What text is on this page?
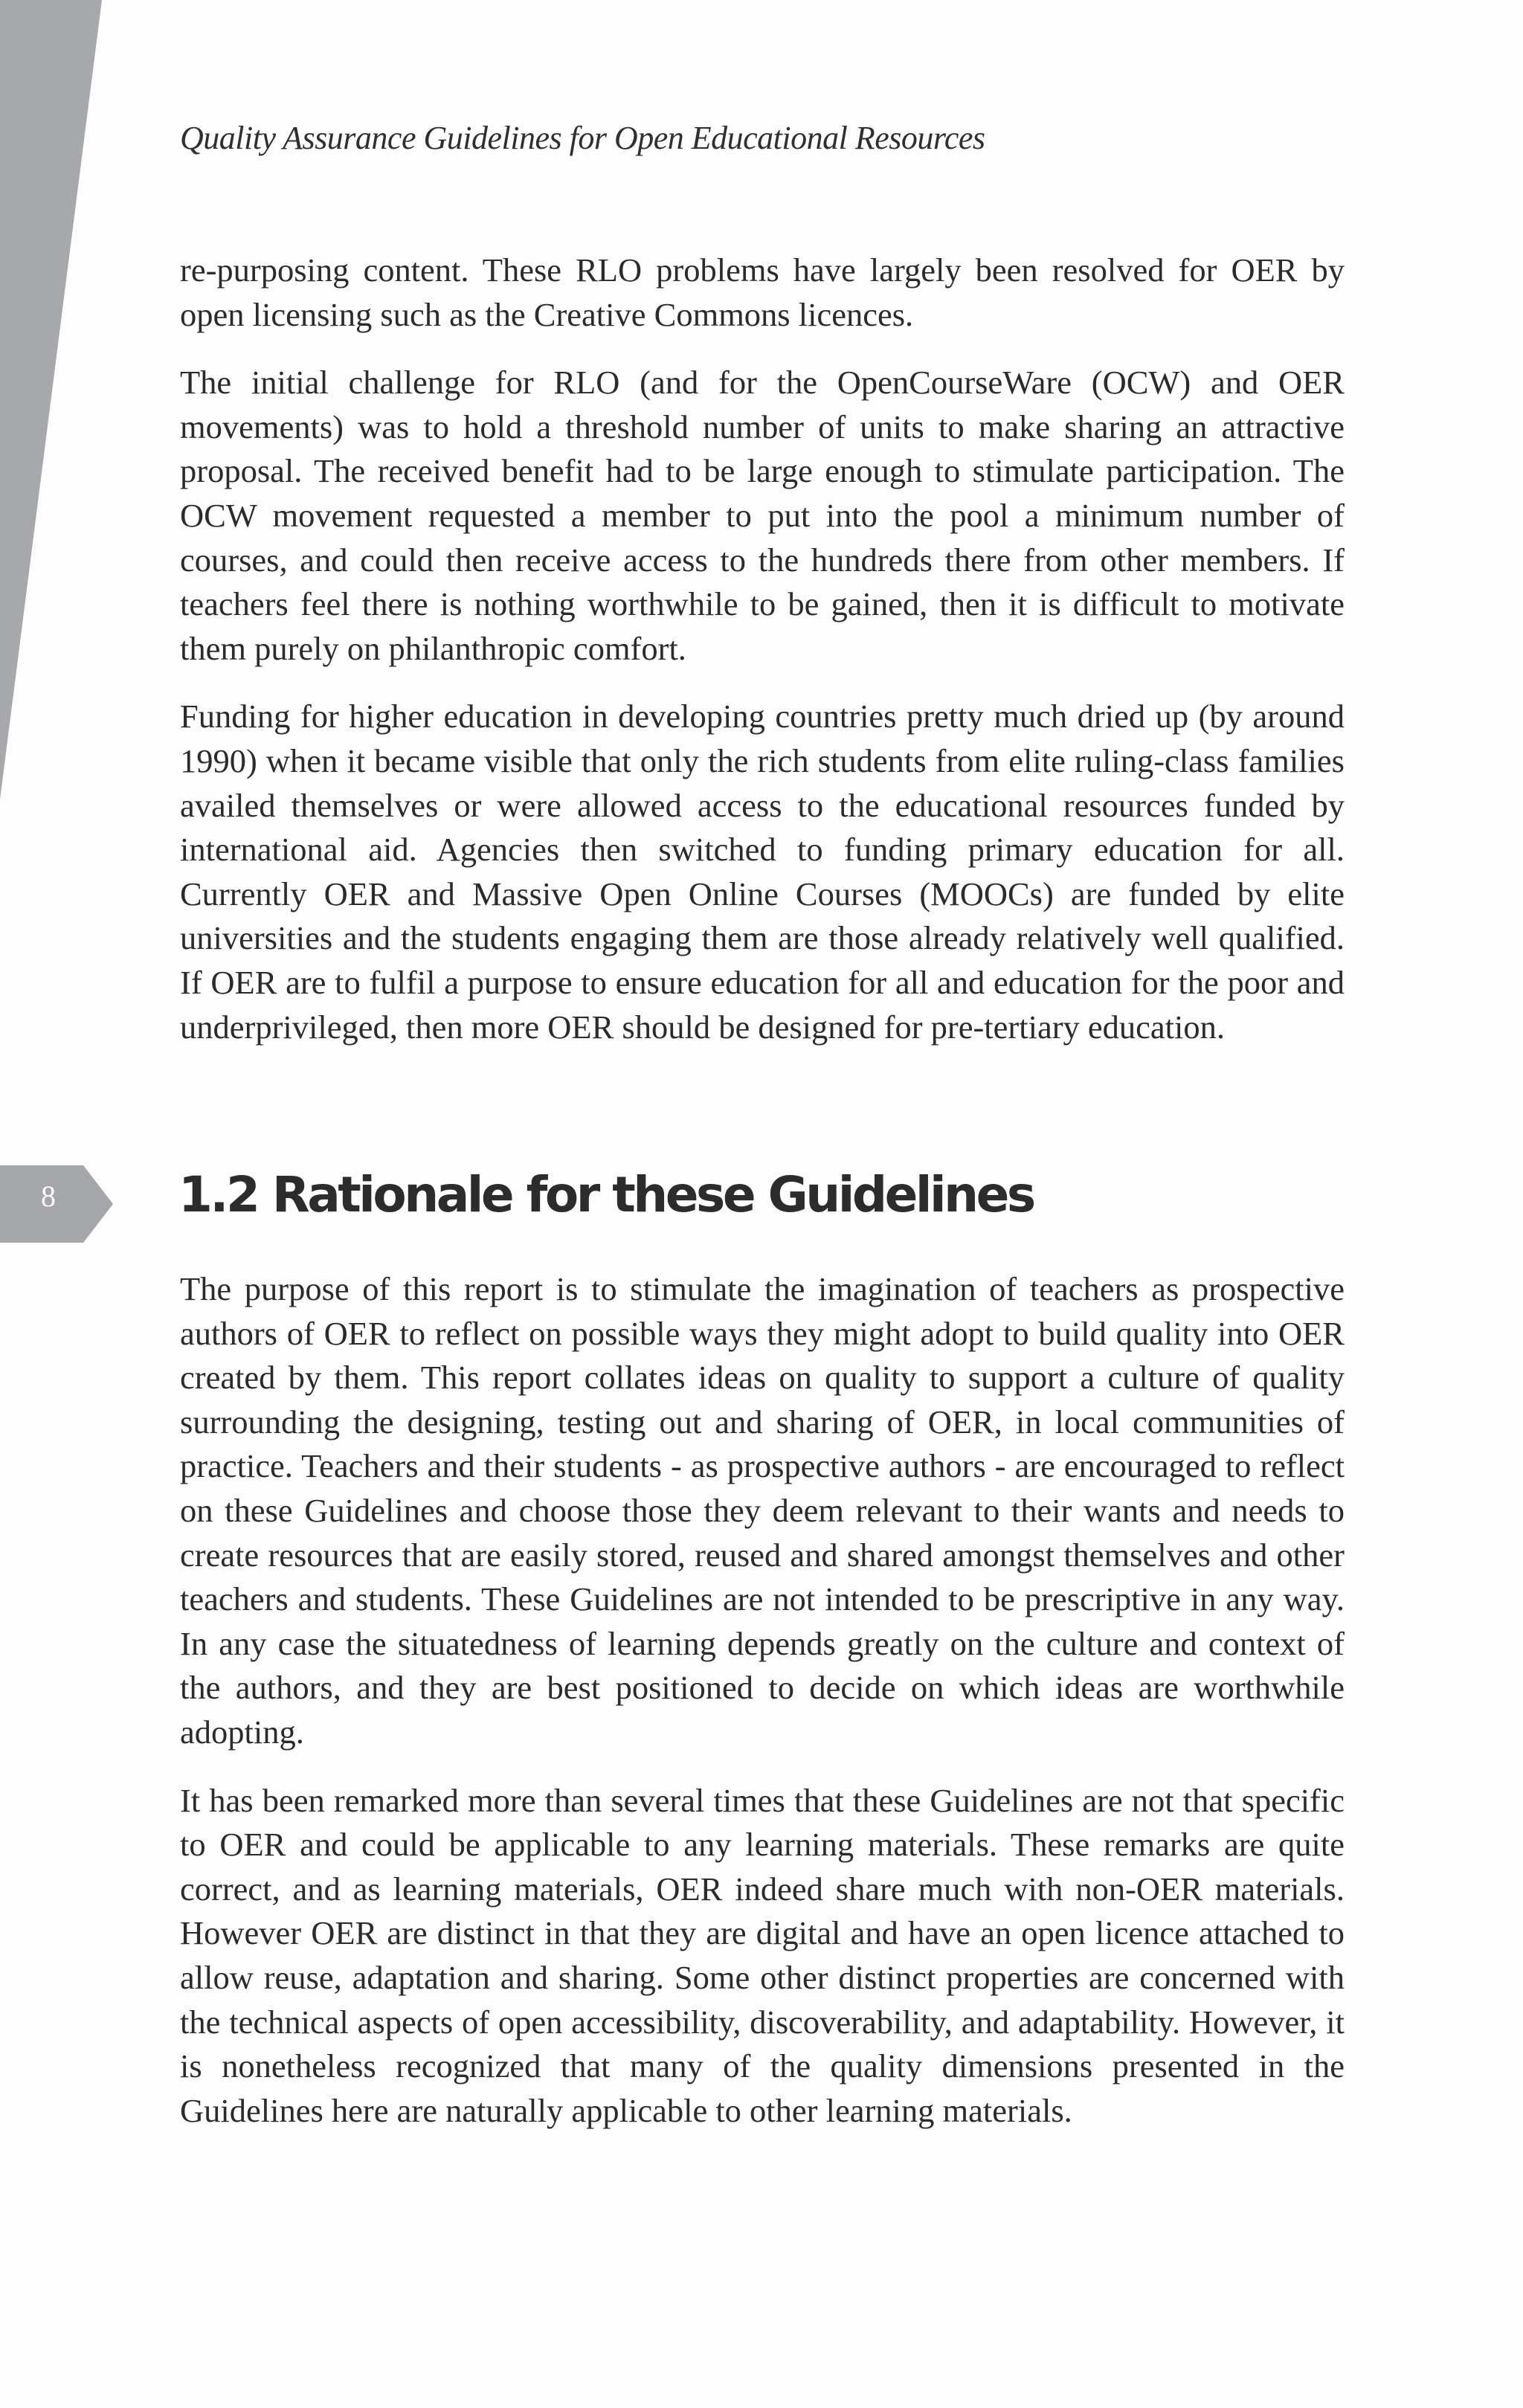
Quality Assurance Guidelines for Open Educational Resources

re-purposing content. These RLO problems have largely been resolved for OER by open licensing such as the Creative Commons licences.

The initial challenge for RLO (and for the OpenCourseWare (OCW) and OER movements) was to hold a threshold number of units to make sharing an attractive proposal. The received benefit had to be large enough to stimulate participation. The OCW movement requested a member to put into the pool a minimum number of courses, and could then receive access to the hundreds there from other members. If teachers feel there is nothing worthwhile to be gained, then it is difficult to motivate them purely on philanthropic comfort.

Funding for higher education in developing countries pretty much dried up (by around 1990) when it became visible that only the rich students from elite ruling-class families availed themselves or were allowed access to the educational resources funded by international aid. Agencies then switched to funding primary education for all. Currently OER and Massive Open Online Courses (MOOCs) are funded by elite universities and the students engaging them are those already relatively well qualified. If OER are to fulfil a purpose to ensure education for all and education for the poor and underprivileged, then more OER should be designed for pre-tertiary education.

8	1.2 Rationale for these Guidelines

The purpose of this report is to stimulate the imagination of teachers as prospective authors of OER to reflect on possible ways they might adopt to build quality into OER created by them. This report collates ideas on quality to support a culture of quality surrounding the designing, testing out and sharing of OER, in local communities of practice. Teachers and their students - as prospective authors - are encouraged to reflect on these Guidelines and choose those they deem relevant to their wants and needs to create resources that are easily stored, reused and shared amongst themselves and other teachers and students. These Guidelines are not intended to be prescriptive in any way. In any case the situatedness of learning depends greatly on the culture and context of the authors, and they are best positioned to decide on which ideas are worthwhile adopting.

It has been remarked more than several times that these Guidelines are not that specific to OER and could be applicable to any learning materials. These remarks are quite correct, and as learning materials, OER indeed share much with non-OER materials. However OER are distinct in that they are digital and have an open licence attached to allow reuse, adaptation and sharing. Some other distinct properties are concerned with the technical aspects of open accessibility, discoverability, and adaptability. However, it is nonetheless recognized that many of the quality dimensions presented in the Guidelines here are naturally applicable to other learning materials.
